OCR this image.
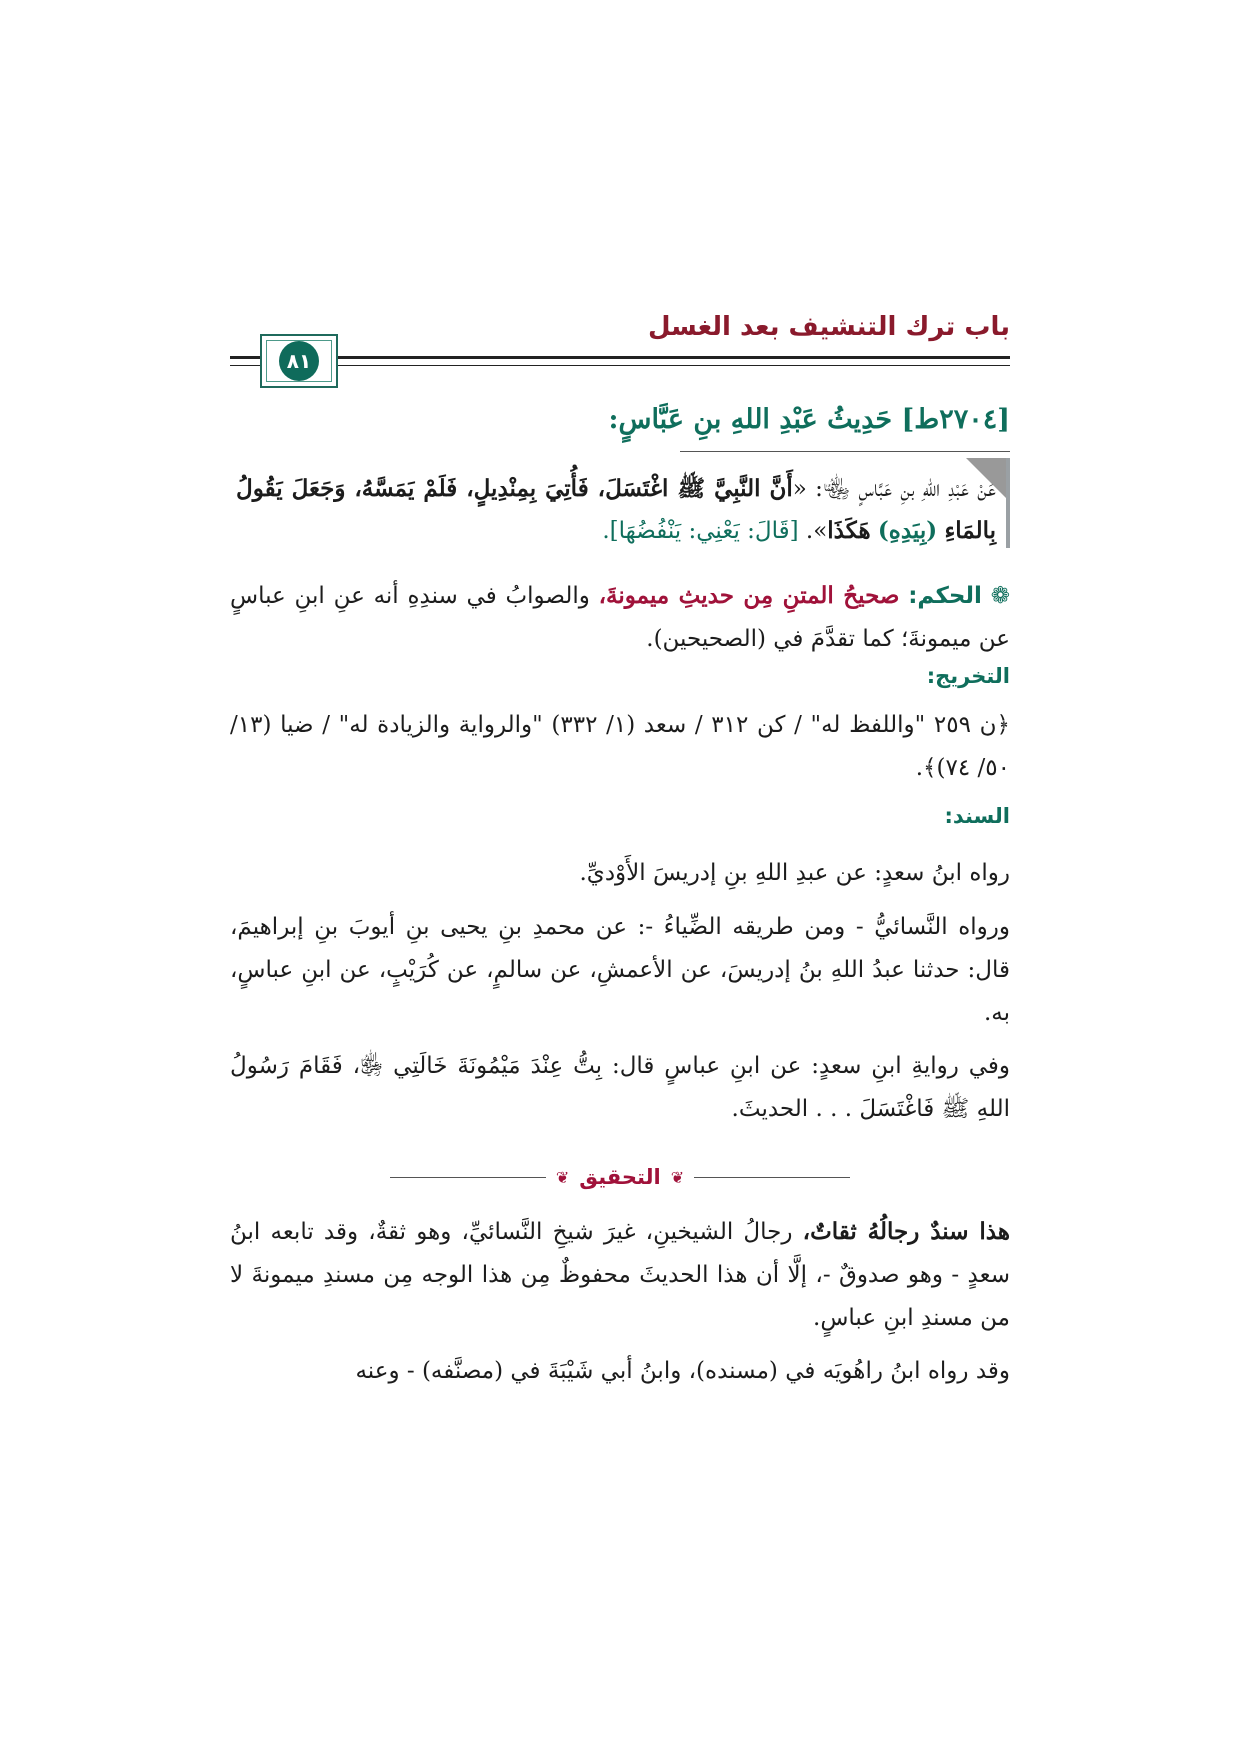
باب ترك التنشيف بعد الغسل
٨١
[٢٧٠٤ط] حَدِيثُ عَبْدِ اللهِ بنِ عَبَّاسٍ:
عَنْ عَبْدِ اللهِ بنِ عَبَّاسٍ ﵄: «أَنَّ النَّبِيَّ ﷺ اغْتَسَلَ، فَأُتِيَ بِمِنْدِيلٍ، فَلَمْ يَمَسَّهُ، وَجَعَلَ يَقُولُ بِالمَاءِ (بِيَدِهِ) هَكَذَا». [قَالَ: يَعْنِي: يَنْفُضُهَا].
❁ الحكم: صحيحُ المتنِ مِن حديثِ ميمونةَ، والصوابُ في سندِهِ أنه عنِ ابنِ عباسٍ عن ميمونةَ؛ كما تقدَّمَ في (الصحيحين).
التخريج:
﴿ن ٢٥٩ "واللفظ له" / كن ٣١٢ / سعد (١/ ٣٣٢) "والرواية والزيادة له" / ضيا (١٣/ ٥٠/ ٧٤)﴾.
السند:
رواه ابنُ سعدٍ: عن عبدِ اللهِ بنِ إدريسَ الأَوْديِّ.
ورواه النَّسائيُّ - ومن طريقه الضِّياءُ -: عن محمدِ بنِ يحيى بنِ أيوبَ بنِ إبراهيمَ، قال: حدثنا عبدُ اللهِ بنُ إدريسَ، عن الأعمشِ، عن سالمٍ، عن كُرَيْبٍ، عن ابنِ عباسٍ، به.
وفي روايةِ ابنِ سعدٍ: عن ابنِ عباسٍ قال: بِتُّ عِنْدَ مَيْمُونَةَ خَالَتِي ﵂، فَقَامَ رَسُولُ اللهِ ﷺ فَاغْتَسَلَ . . . الحديثَ.
❦
التحقيق
❦
هذا سندٌ رجالُهُ ثقاتٌ، رجالُ الشيخينِ، غيرَ شيخِ النَّسائيِّ، وهو ثقةٌ، وقد تابعه ابنُ سعدٍ - وهو صدوقٌ -، إلَّا أن هذا الحديثَ محفوظٌ مِن هذا الوجه مِن مسندِ ميمونةَ لا من مسندِ ابنِ عباسٍ.
وقد رواه ابنُ راهُويَه في (مسنده)، وابنُ أبي شَيْبَةَ في (مصنَّفه) - وعنه
